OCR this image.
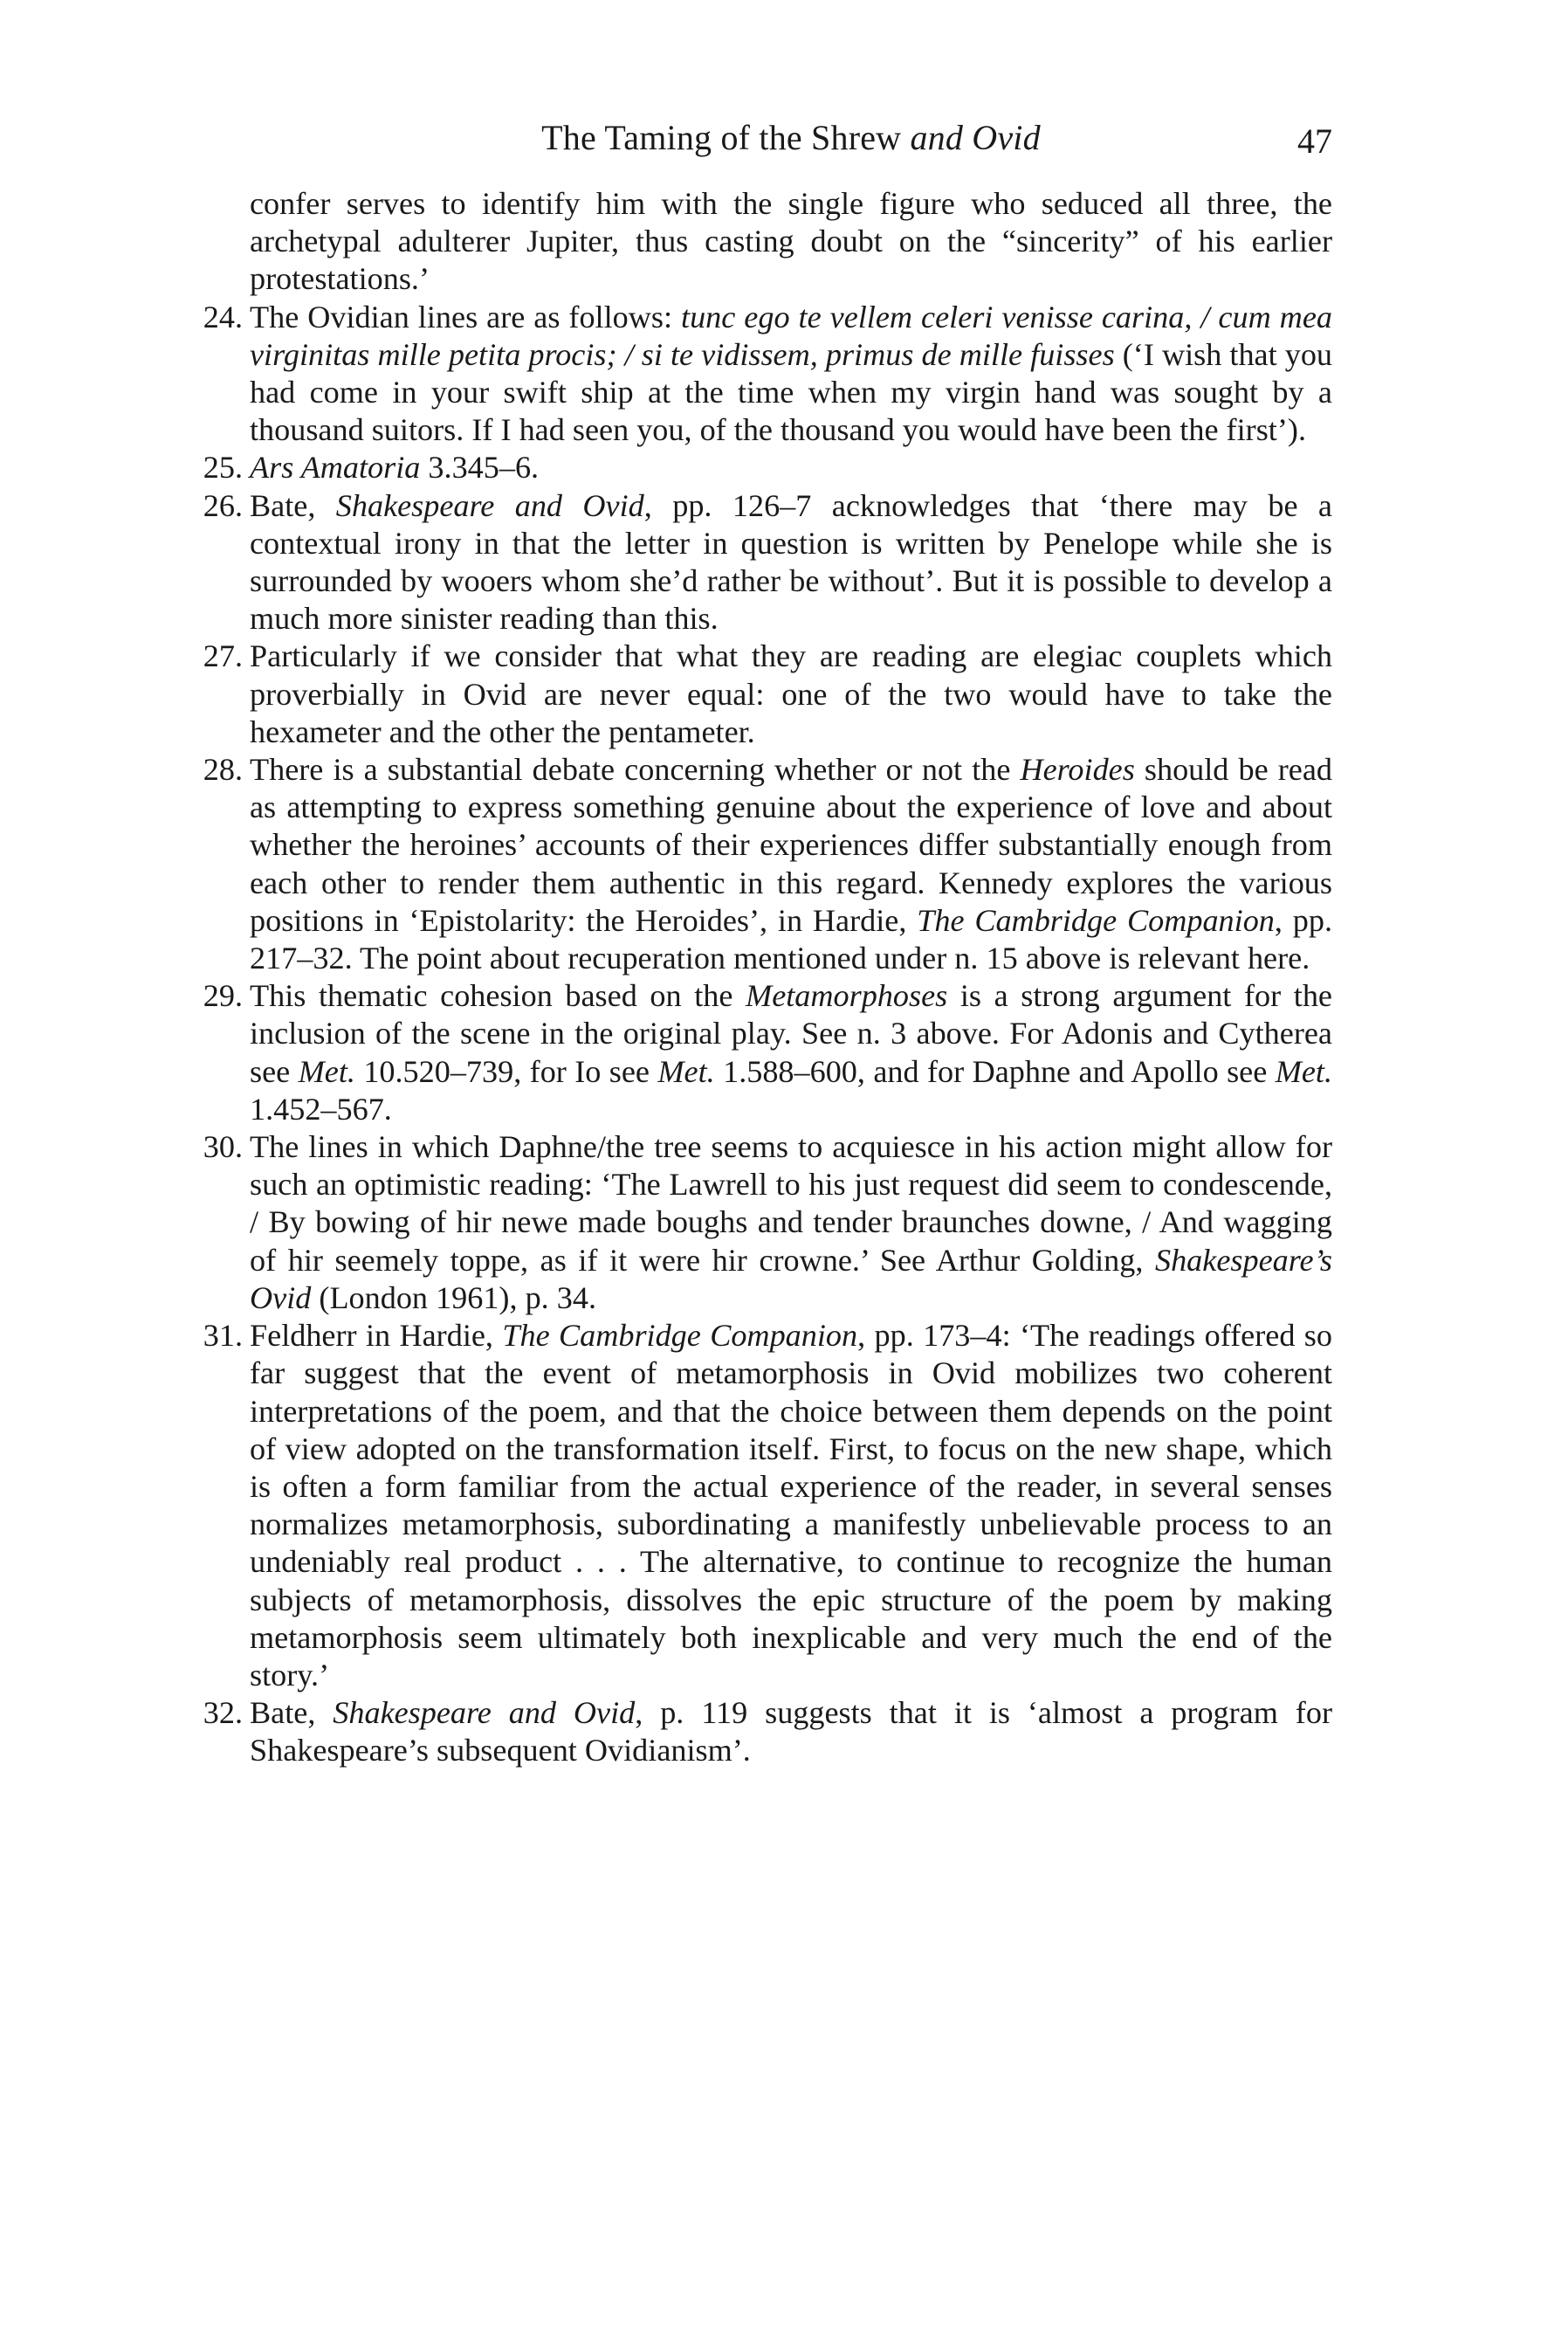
The Taming of the Shrew and Ovid	47

confer serves to identify him with the single figure who seduced all three, the archetypal adulterer Jupiter, thus casting doubt on the “sincerity” of his earlier protestations.’

24. The Ovidian lines are as follows: tunc ego te vellem celeri venisse carina, / cum mea virginitas mille petita procis; / si te vidissem, primus de mille fuisses (‘I wish that you had come in your swift ship at the time when my virgin hand was sought by a thousand suitors. If I had seen you, of the thousand you would have been the first’).

25. Ars Amatoria 3.345–6.

26. Bate, Shakespeare and Ovid, pp. 126–7 acknowledges that ‘there may be a contextual irony in that the letter in question is written by Penelope while she is surrounded by wooers whom she’d rather be without’. But it is possible to develop a much more sinister reading than this.

27. Particularly if we consider that what they are reading are elegiac couplets which proverbially in Ovid are never equal: one of the two would have to take the hexameter and the other the pentameter.

28. There is a substantial debate concerning whether or not the Heroides should be read as attempting to express something genuine about the experience of love and about whether the heroines’ accounts of their experiences differ substantially enough from each other to render them authentic in this regard. Kennedy explores the various positions in ‘Epistolarity: the Heroides’, in Hardie, The Cambridge Companion, pp. 217–32. The point about recuperation mentioned under n. 15 above is relevant here.

29. This thematic cohesion based on the Metamorphoses is a strong argument for the inclusion of the scene in the original play. See n. 3 above. For Adonis and Cytherea see Met. 10.520–739, for Io see Met. 1.588–600, and for Daphne and Apollo see Met. 1.452–567.

30. The lines in which Daphne/the tree seems to acquiesce in his action might allow for such an optimistic reading: ‘The Lawrell to his just request did seem to condescende, / By bowing of hir newe made boughs and tender braunches downe, / And wagging of hir seemely toppe, as if it were hir crowne.’ See Arthur Golding, Shakespeare’s Ovid (London 1961), p. 34.

31. Feldherr in Hardie, The Cambridge Companion, pp. 173–4: ‘The readings offered so far suggest that the event of metamorphosis in Ovid mobilizes two coherent interpretations of the poem, and that the choice between them depends on the point of view adopted on the transformation itself. First, to focus on the new shape, which is often a form familiar from the actual experience of the reader, in several senses normalizes metamorphosis, subordinating a manifestly unbelievable process to an undeniably real product . . . The alternative, to continue to recognize the human subjects of metamorphosis, dissolves the epic structure of the poem by making metamorphosis seem ultimately both inexplicable and very much the end of the story.’

32. Bate, Shakespeare and Ovid, p. 119 suggests that it is ‘almost a program for Shakespeare’s subsequent Ovidianism’.
